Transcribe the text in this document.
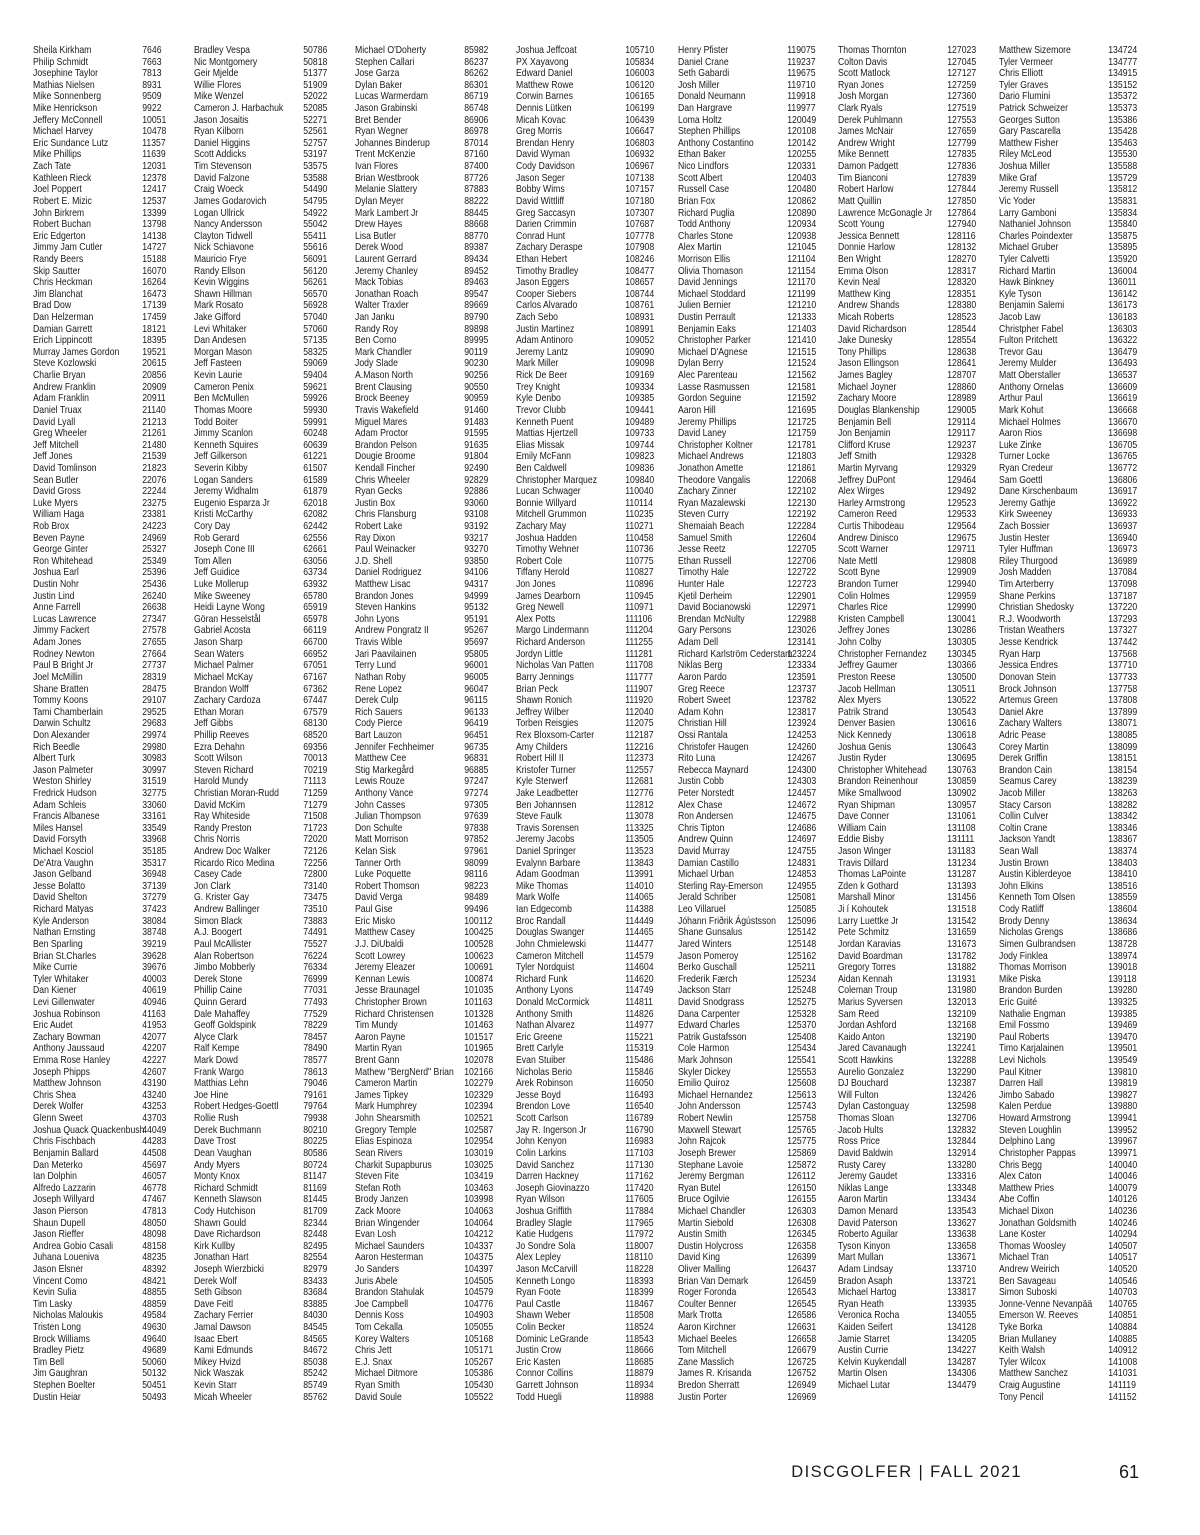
Sheila Kirkham	7646
Philip Schmidt	7663
Josephine Taylor	7813
Mathias Nielsen	8931
Mike Sonnenberg	9509
Mike Henrickson	9922
Jeffery McConnell	10051
Michael Harvey	10478
Eric Sundance Lutz	11357
Mike Phillips	11639
Zach Tate	12031
Kathleen Rieck	12378
Joel Poppert	12417
Robert E. Mizic	12537
John Birkrem	13399
Robert Buchan	13798
Eric Edgerton	14138
Jimmy Jam Cutler	14727
Randy Beers	15188
Skip Sautter	16070
Chris Heckman	16264
Jim Blanchat	16473
Brad Dow	17139
Dan Helzerman	17459
Damian Garrett	18121
Erich Lippincott	18395
Murray James Gordon 19521
Steve Kozlowski	20615
Charlie Bryan	20856
Andrew Franklin	20909
Adam Franklin	20911
Daniel Truax	21140
David Lyall	21213
Greg Wheeler	21261
Jeff Mitchell	21480
Jeff Jones	21539
David Tomlinson	21823
Sean Butler	22076
David Gross	22244
Luke Myers	23275
William Haga	23381
Rob Brox	24223
Beven Payne	24969
George Ginter	25327
Ron Whitehead	25349
Joshua Earl	25396
Dustin Nohr	25436
Justin Lind	26240
Anne Farrell	26638
Lucas Lawrence	27347
Jimmy Fackert	27578
Adam Jones	27655
Rodney Newton	27664
Paul B Bright Jr	27737
Joel McMillin	28319
Shane Bratten	28475
Tommy Koons	29107
Tami Chamberlain	29525
Darwin Schultz	29683
Don Alexander	29974
Rich Beedle	29980
Albert Turk	30983
Jason Palmeter	30997
Weston Shirley	31519
Fredrick Hudson	32775
Adam Schleis	33060
Francis Albanese	33161
Miles Hansel	33549
David Forsyth	33968
Michael Kosciol	35185
De'Atra Vaughn	35317
Jason Gelband	36948
Jesse Bolatto	37139
David Shelton	37279
Richard Matyas	37423
Kyle Anderson	38084
Nathan Ernsting	38748
Ben Sparling	39219
Brian St.Charles	39628
Mike Currie	39676
Tyler Whitaker	40003
Dan Kiener	40619
Levi Gillenwater	40946
Joshua Robinson	41163
Eric Audet	41953
Zachary Bowman	42077
Anthony Jaussaud	42207
Emma Rose Hanley	42227
Joseph Phipps	42607
Matthew Johnson	43190
Chris Shea	43240
Derek Wolfer	43253
Glenn Sweet	43703
Joshua Quack Quackenbush
44049
Chris Fischbach	44283
Benjamin Ballard	44508
Dan Meterko	45697
Ian Dolphin	46057
Alfredo Lazzarin	46778
Joseph Willyard	47467
Jason Pierson	47813
Shaun Dupell	48050
Jason Rieffer	48098
Andrea Gobio Casali	48158
Juhana Loueniva	48235
Jason Elsner	48392
Vincent Como	48421
Kevin Sulia	48855
Tim Lasky	48859
Nicholas Maloukis	49584
Tristen Long	49630
Brock Williams	49640
Bradley Pietz	49689
Tim Bell	50060
Jim Gaughran	50132
Stephen Boelter	50451
Dustin Heiar	50493
Bradley Vespa	50786
Nic Montgomery	50818
Geir Mjelde	51377
Willie Flores	51909
Mike Wenzel	52022
Cameron J. Harbachuk 52085
Jason Josaitis	52271
Ryan Kilborn	52561
Daniel Higgins	52757
Scott Addicks	53197
Tim Stevenson	53575
David Falzone	53588
Craig Woeck	54490
James Godarovich	54795
Logan Ullrick	54922
Nancy Andersson	55042
Clayton Tidwell	55411
Nick Schiavone	55616
Mauricio Frye	56091
Randy Ellson	56120
Kevin Wiggins	56261
Shawn Hillman	56570
Mark Rosato	56928
Jake Gifford	57040
Levi Whitaker	57060
Dan Andesen	57135
Morgan Mason	58325
Jeff Fasteen	59069
Kevin Laurie	59404
Cameron Penix	59621
Ben McMullen	59926
Thomas Moore	59930
Todd Boiter	59991
Jimmy Scanlon	60248
Kenneth Squires	60639
Jeff Gilkerson	61221
Severin Kibby	61507
Logan Sanders	61589
Jeremy Widhalm	61879
Eugenio Esparza Jr	62018
Kristi McCarthy	62082
Cory Day	62442
Rob Gerard	62556
Joseph Cone III	62661
Tom Allen	63056
Jeff Guidice	63734
Luke Mollerup	63932
Mike Sweeney	65780
Heidi Layne Wong	65919
Göran Hesselstål	65978
Gabriel Acosta	66119
Jason Sharp	66700
Sean Waters	66952
Michael Palmer	67051
Michael McKay	67167
Brandon Wolff	67362
Zachary Cardoza	67447
Ethan Moran	67579
Jeff Gibbs	68130
Phillip Reeves	68520
Ezra Dehahn	69356
Scott Wilson	70013
Steven Richard	70219
Harold Mundy	71113
Christian Moran-Rudd 71259
David McKim	71279
Ray Whiteside	71508
Randy Preston	71723
Chris Norris	72020
Andrew Doc Walker	72126
Ricardo Rico Medina	72256
Casey Cade	72800
Jon Clark	73140
G. Krister Gay	73475
Andrew Ballinger	73510
Simon Black	73883
A.J. Boogert	74491
Paul McAllister	75527
Alan Robertson	76224
Jimbo Mobberly	76334
Derek Stone	76999
Phillip Caine	77031
Quinn Gerard	77493
Dale Mahaffey	77529
Geoff Goldspink	78229
Alyce Clark	78457
Ralf Kempe	78490
Mark Dowd	78577
Frank Wargo	78613
Matthias Lehn	79046
Joe Hine	79161
Robert Hedges-Goettl 79764
Rollie Rush	79938
Derek Buchmann	80210
Dave Trost	80225
Dean Vaughan	80586
Andy Myers	80724
Monty Knox	81147
Richard Schmidt	81169
Kenneth Slawson	81445
Cody Hutchison	81709
Shawn Gould	82344
Dave Richardson	82448
Kirk Kullby	82495
Jonathan Hart	82554
Joseph Wierzbicki	82979
Derek Wolf	83433
Seth Gibson	83684
Dave Feitl	83885
Zachary Ferrier	84030
Jamal Dawson	84545
Isaac Ebert	84565
Kami Edmunds	84672
Mikey Hvizd	85038
Nick Waszak	85242
Kevin Starr	85749
Micah Wheeler	85762
Michael O'Doherty	85982
Stephen Callari	86237
Jose Garza	86262
Dylan Baker	86301
Lucas Warmerdam	86719
Jason Grabinski	86748
Bret Bender	86906
Ryan Wegner	86978
Johannes Binderup	87014
Trent McKenzie	87160
Ivan Flores	87400
Brian Westbrook	87726
Melanie Slattery	87883
Dylan Meyer	88222
Mark Lambert Jr	88445
Drew Hayes	88668
Lisa Butler	88770
Derek Wood	89387
Laurent Gerrard	89434
Jeremy Chanley	89452
Mack Tobias	89463
Jonathan Roach	89547
Walter Traxler	89669
Jan Janku	89790
Randy Roy	89898
Ben Corno	89995
Mark Chandler	90119
Jody Slade	90230
A.Mason North	90256
Brent Clausing	90550
Brock Beeney	90959
Travis Wakefield	91460
Miguel Mares	91483
Adam Proctor	91595
Brandon Pelson	91635
Dougie Broome	91804
Kendall Fincher	92490
Chris Wheeler	92829
Ryan Gecks	92886
Justin Box	93060
Chris Flansburg	93108
Robert Lake	93192
Ray Dixon	93217
Paul Weinacker	93270
J.D. Shell	93850
Daniel Rodriguez	94106
Matthew Lisac	94317
Brandon Jones	94999
Steven Hankins	95132
John Lyons	95191
Andrew Pongratz II	95267
Travis Wible	95697
Jari Paavilainen	95805
Terry Lund	96001
Nathan Roby	96005
Rene Lopez	96047
Derek Culp	96115
Rich Sauers	96133
Cody Pierce	96419
Bart Lauzon	96451
Jennifer Fechheimer	96735
Matthew Cee	96831
Stig Markegård	96885
Lewis Rouze	97247
Anthony Vance	97274
John Casses	97305
Julian Thompson	97639
Don Schulte	97838
Matt Morrison	97852
Kelan Sisk	97961
Tanner Orth	98099
Luke Poquette	98116
Robert Thomson	98223
David Verga	98489
Paul Gise	99496
Eric Misko	100112
Matthew Casey	100425
J.J. DiUbaldi	100528
Scott Lowrey	100623
Jeremy Eleazer	100691
Kennan Lewis	100874
Jesse Braunagel	101035
Christopher Brown	101163
Richard Christensen	101328
Tim Mundy	101463
Aaron Payne	101517
Martin Ryan	101965
Brent Gann	102078
Mathew "BergNerd" Brian 102166
Cameron Martin	102279
James Tipkey	102329
Mark Humphrey	102394
John Shearsmith	102521
Gregory Temple	102587
Elias Espinoza	102954
Sean Rivers	103019
Charkit Supapburus	103025
Steven Fite	103419
Stefan Roth	103463
Brody Janzen	103998
Zack Moore	104063
Brian Wingender	104064
Evan Losh	104212
Michael Saunders	104337
Aaron Hesterman	104375
Jo Sanders	104397
Juris Abele	104505
Brandon Stahulak	104579
Joe Campbell	104776
Dennis Koss	104903
Tom Cekalla	105055
Korey Walters	105168
Chris Jett	105171
E.J. Snax	105267
Michael Ditmore	105386
Ryan Smith	105430
David Soule	105522
Joshua Jeffcoat	105710
PX Xayavong	105834
Edward Daniel	106003
Matthew Rowe	106120
Corwin Barnes	106165
Dennis Lütken	106199
Micah Kovac	106439
Greg Morris	106647
Brendan Henry	106803
David Wyman	106932
Cody Davidson	106967
Jason Seger	107138
Bobby Wims	107157
David Wittliff	107180
Greg Saccasyn	107307
Darien Crimmin	107687
Conrad Hunt	107778
Zachary Deraspe	107908
Ethan Hebert	108246
Timothy Bradley	108477
Jason Eggers	108657
Cooper Siebers	108744
Carlos Alvarado	108761
Zach Sebo	108931
Justin Martinez	108991
Adam Antinoro	109052
Jeremy Lantz	109090
Mark Miller	109098
Rick De Beer	109169
Trey Knight	109334
Kyle Denbo	109385
Trevor Clubb	109441
Kenneth Puent	109489
Mattias Hjertzell	109733
Elias Missak	109744
Emily McFann	109823
Ben Caldwell	109836
Christopher Marquez	109840
Lucan Schwager	110040
Bonnie Willyard	110114
Mitchell Grummon	110235
Zachary May	110271
Joshua Hadden	110458
Timothy Wehner	110736
Robert Cole	110775
Tiffany Herold	110827
Jon Jones	110896
James Dearborn	110945
Greg Newell	110971
Alex Potts	111106
Margo Lindermann	111204
Richard Anderson	111255
Jordyn Little	111281
Nicholas Van Patten	111708
Barry Jennings	111777
Brian Peck	111907
Shawn Ronich	111920
Jeffrey Wilber	112040
Torben Reisgies	112075
Rex Bloxsom-Carter	112187
Amy Childers	112216
Robert Hill II	112373
Kristofer Turner	112557
Kyle Sterwerf	112681
Jake Leadbetter	112776
Ben Johannsen	112812
Steve Faulk	113078
Travis Sorensen	113325
Jeremy Jacobs	113505
Daniel Springer	113523
Evalynn Barbare	113843
Adam Goodman	113991
Mike Thomas	114010
Mark Wolfe	114065
Ian Edgecomb	114388
Broc Randall	114449
Douglas Swanger	114465
John Chmielewski	114477
Cameron Mitchell	114579
Tyler Nordquist	114604
Richard Funk	114620
Anthony Lyons	114749
Donald McCormick	114811
Anthony Smith	114826
Nathan Alvarez	114977
Eric Greene	115221
Brett Carlyle	115319
Evan Stuiber	115486
Nicholas Berio	115846
Arek Robinson	116050
Jesse Boyd	116493
Brendon Love	116540
Scott Carlson	116789
Jay R. Ingerson Jr	116790
John Kenyon	116983
Colin Larkins	117103
David Sanchez	117130
Darren Hackney	117162
Joseph Giovinazzo	117420
Ryan Wilson	117605
Joshua Griffith	117884
Bradley Slagle	117965
Katie Hudgens	117972
Jo Sondre Sola	118007
Alex Lepley	118110
Jason McCarvill	118228
Kenneth Longo	118393
Ryan Foote	118399
Paul Castle	118467
Shawn Weber	118508
Colin Becker	118524
Dominic LeGrande	118543
Justin Crow	118666
Eric Kasten	118685
Connor Collins	118879
Garrett Johnson	118934
Todd Huegli	118988
Henry Pfister	119075
Daniel Crane	119237
Seth Gabardi	119675
Josh Miller	119710
Donald Neumann	119918
Dan Hargrave	119977
Loma Holtz	120049
Stephen Phillips	120108
Anthony Costantino	120142
Ethan Baker	120255
Nico Lindfors	120331
Scott Albert	120403
Russell Case	120480
Brian Fox	120862
Richard Puglia	120890
Todd Anthony	120934
Charles Stone	120938
Alex Martin	121045
Morrison Ellis	121104
Olivia Thomason	121154
David Jennings	121170
Michael Stoddard	121199
Julien Bernier	121210
Dustin Perrault	121333
Benjamin Eaks	121403
Christopher Parker	121410
Michael D'Agnese	121515
Dylan Berry	121524
Alec Parenteau	121562
Lasse Rasmussen	121581
Gordon Seguine	121592
Aaron Hill	121695
Jeremy Phillips	121725
David Laney	121759
Christopher Koltner	121781
Michael Andrews	121803
Jonathon Amette	121861
Theodore Vangalis	122068
Zachary Zinner	122102
Ryan Mazalewski	122130
Steven Curry	122192
Shemaiah Beach	122284
Samuel Smith	122604
Jesse Reetz	122705
Ethan Russell	122706
Timothy Hale	122722
Hunter Hale	122723
Kjetil Derheim	122901
David Bocianowski	122971
Brendan McNulty	122988
Gary Persons	123026
Adam Dell	123141
Richard Karlström Cederstam
123224
Niklas Berg	123334
Aaron Pardo	123591
Greg Reece	123737
Robert Sweet	123782
Adam Kohn	123817
Christian Hill	123924
Ossi Rantala	124253
Christofer Haugen	124260
Rito Luna	124267
Rebecca Maynard	124300
Justin Cobb	124303
Peter Norstedt	124457
Alex Chase	124672
Ron Andersen	124675
Chris Tipton	124686
Andrew Quinn	124697
David Murray	124755
Damian Castillo	124831
Michael Urban	124853
Sterling Ray-Emerson 124955
Jerald Schriber	125081
Leo Villaruel	125085
Jóhann Friðrik Ágústsson 125096
Shane Gunsalus	125142
Jared Winters	125148
Jason Pomeroy	125162
Berko Guschall	125211
Frederik Færch	125234
Jackson Starr	125248
David Snodgrass	125275
Dana Carpenter	125328
Edward Charles	125370
Patrik Gustafsson	125408
Cole Harmon	125434
Mark Johnson	125541
Skyler Dickey	125553
Emilio Quiroz	125608
Michael Hernandez	125613
John Andersson	125743
Robert Newlin	125758
Maxwell Stewart	125765
John Rajcok	125775
Joseph Brewer	125869
Stephane Lavoie	125872
Jeremy Bergman	126112
Ryan Butel	126150
Bruce Ogilvie	126155
Michael Chandler	126303
Martin Siebold	126308
Austin Smith	126345
Dustin Holycross	126358
David King	126399
Oliver Malling	126437
Brian Van Demark	126459
Roger Foronda	126543
Coulter Benner	126545
Mark Trotta	126586
Aaron Kirchner	126631
Michael Beeles	126658
Tom Mitchell	126679
Zane Masslich	126725
James R. Krisanda	126752
Bredon Sherratt	126949
Justin Porter	126969
Thomas Thornton	127023
Colton Davis	127045
Scott Matlock	127127
Ryan Jones	127259
Josh Morgan	127360
Clark Ryals	127519
Derek Puhlmann	127553
James McNair	127659
Andrew Wright	127799
Mike Bennett	127835
Damon Padgett	127836
Tim Bianconi	127839
Robert Harlow	127844
Matt Quillin	127850
Lawrence McGonagle Jr 127864
Scott Young	127940
Jessica Bennett	128116
Donnie Harlow	128132
Ben Wright	128270
Emma Olson	128317
Kevin Neal	128320
Matthew King	128351
Andrew Shands	128380
Micah Roberts	128523
David Richardson	128544
Jake Dunesky	128554
Tony Phillips	128638
Jason Ellingson	128641
James Bagley	128707
Michael Joyner	128860
Zachary Moore	128989
Douglas Blankenship	129005
Benjamin Bell	129114
Jon Benjamin	129117
Clifford Kruse	129237
Jeff Smith	129328
Martin Myrvang	129329
Jeffrey DuPont	129464
Alex Wirges	129492
Harley Armstrong	129523
Cameron Reed	129533
Curtis Thibodeau	129564
Andrew Dinisco	129675
Scott Warner	129711
Nate Mettl	129808
Scott Byne	129909
Brandon Turner	129940
Colin Holmes	129959
Charles Rice	129990
Kristen Campbell	130041
Jeffrey Jones	130286
John Colby	130305
Christopher Fernandez 130345
Jeffrey Gaumer	130366
Preston Reese	130500
Jacob Hellman	130511
Alex Myers	130522
Patrik Strand	130543
Denver Basien	130616
Nick Kennedy	130618
Joshua Genis	130643
Justin Ryder	130695
Christopher Whitehead 130763
Brandon Reinenhour	130859
Mike Smallwood	130902
Ryan Shipman	130957
Dave Conner	131061
William Cain	131108
Eddie Bisby	131111
Jason Winger	131183
Travis Dillard	131234
Thomas LaPointe	131287
Zden k Gothard	131393
Marshall Minor	131456
Ji í Kohoutek	131518
Larry Luettke Jr	131542
Pete Schmitz	131659
Jordan Karavias	131673
David Boardman	131782
Gregory Torres	131882
Aidan Kennah	131931
Coleman Troup	131980
Marius Syversen	132013
Sam Reed	132109
Jordan Ashford	132168
Kaido Anton	132190
Jared Cavanaugh	132241
Scott Hawkins	132288
Aurelio Gonzalez	132290
DJ Bouchard	132387
Will Fulton	132426
Dylan Castonguay	132598
Thomas Sloan	132706
Jacob Hults	132832
Ross Price	132844
David Baldwin	132914
Rusty Carey	133280
Jeremy Gaudet	133316
Niklas Lange	133348
Aaron Martin	133434
Damon Menard	133543
David Paterson	133627
Roberto Aguilar	133638
Tyson Kinyon	133658
Mart Mullan	133671
Adam Lindsay	133710
Bradon Asaph	133721
Michael Hartog	133817
Ryan Heath	133935
Veronica Rocha	134055
Kaiden Seifert	134128
Jamie Starret	134205
Austin Currie	134227
Kelvin Kuykendall	134287
Martin Olsen	134306
Michael Lutar	134479
Matthew Sizemore	134724
Tyler Vermeer	134777
Chris Elliott	134915
Tyler Graves	135152
Dario Flumini	135372
Patrick Schweizer	135373
Georges Sutton	135386
Gary Pascarella	135428
Matthew Fisher	135463
Riley McLeod	135530
Joshua Miller	135588
Mike Graf	135729
Jeremy Russell	135812
Vic Yoder	135831
Larry Gamboni	135834
Nathaniel Johnson	135840
Charles Poindexter	135875
Michael Gruber	135895
Tyler Calvetti	135920
Richard Martin	136004
Hawk Binkney	136011
Kyle Tyson	136142
Benjamin Salemi	136173
Jacob Law	136183
Christpher Fabel	136303
Fulton Pritchett	136322
Trevor Gau	136479
Jeremy Mulder	136493
Matt Oberstaller	136537
Anthony Ornelas	136609
Arthur Paul	136619
Mark Kohut	136668
Michael Holmes	136670
Aaron Rios	136698
Luke Zinke	136705
Turner Locke	136765
Ryan Credeur	136772
Sam Goettl	136806
Dane Kirschenbaum	136917
Jeremy Gathje	136922
Kirk Sweeney	136933
Zach Bossier	136937
Justin Hester	136940
Tyler Huffman	136973
Riley Thurgood	136989
Josh Madden	137084
Tim Arterberry	137098
Shane Perkins	137187
Christian Shedosky	137220
R.J. Woodworth	137293
Tristan Weathers	137327
Jesse Kendrick	137442
Ryan Harp	137568
Jessica Endres	137710
Donovan Stein	137733
Brock Johnson	137758
Artemus Green	137808
Daniel Akre	137899
Zachary Walters	138071
Adric Pease	138085
Corey Martin	138099
Derek Griffin	138151
Brandon Cain	138154
Seamus Carey	138239
Jacob Miller	138263
Stacy Carson	138282
Collin Culver	138342
Coltin Crane	138346
Jackson Yandt	138367
Sean Wall	138374
Justin Brown	138403
Austin Kiblerdeyoe	138410
John Elkins	138516
Kenneth Tom Olsen	138559
Cody Ratliff	138604
Brody Denny	138634
Nicholas Grengs	138686
Simen Gulbrandsen	138728
Jody Finklea	138974
Thomas Morrison	139018
Mike Piska	139118
Brandon Burden	139280
Eric Guité	139325
Nathalie Engman	139385
Emil Fossmo	139469
Paul Roberts	139470
Timo Karjalainen	139501
Levi Nichols	139549
Paul Kitner	139810
Darren Hall	139819
Jimbo Sabado	139827
Kalen Perdue	139880
Howard Armstrong	139941
Steven Loughlin	139952
Delphino Lang	139967
Christopher Pappas	139971
Chris Begg	140040
Alex Caton	140046
Matthew Pries	140079
Abe Coffin	140126
Michael Dixon	140236
Jonathan Goldsmith	140246
Lane Koster	140294
Thomas Woosley	140507
Michael Tran	140517
Andrew Weirich	140520
Ben Savageau	140546
Simon Suboski	140703
Jonne-Venne Nevanpää 140765
Emerson W. Reeves	140851
Tyke Borka	140884
Brian Mullaney	140885
Keith Walsh	140912
Tyler Wilcox	141008
Matthew Sanchez	141031
Craig Augustine	141119
Tony Pencil	141152
DISCGOLFER | FALL 2021	61
